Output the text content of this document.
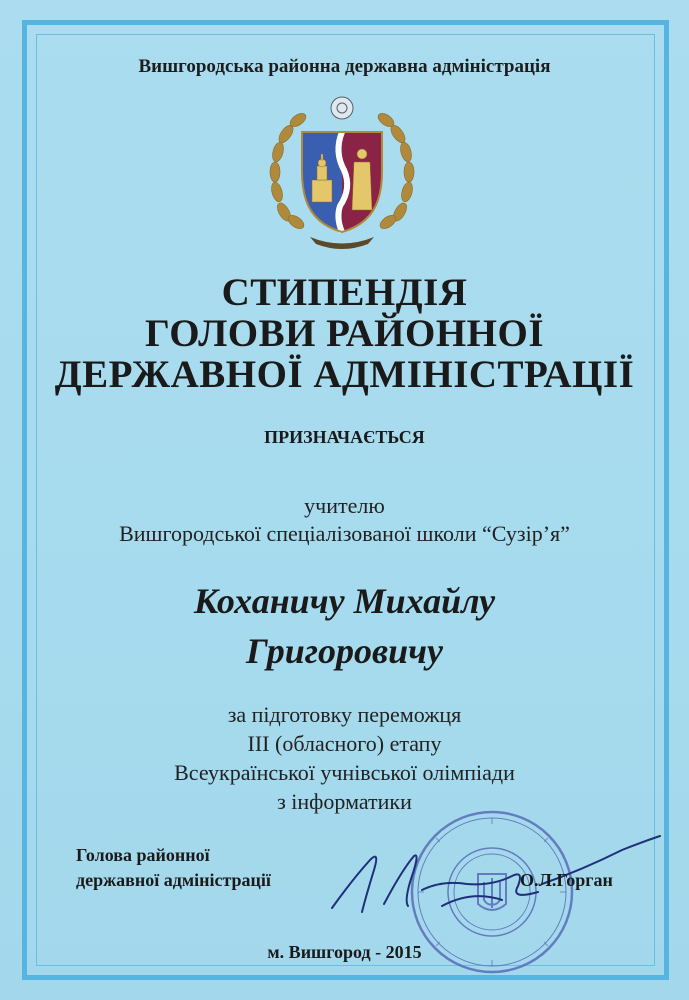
Вишгородська районна державна адміністрація
СТИПЕНДІЯ
ГОЛОВИ РАЙОННОЇ
ДЕРЖАВНОЇ АДМІНІСТРАЦІЇ
ПРИЗНАЧАЄТЬСЯ
учителю
Вишгородської спеціалізованої школи “Сузір’я”
Коханичу Михайлу
Григоровичу
за підготовку переможця
ІІІ (обласного) етапу
Всеукраїнської учнівської олімпіади
з інформатики
Голова районної
державної адміністрації	О.Л.Горган
м. Вишгород - 2015
